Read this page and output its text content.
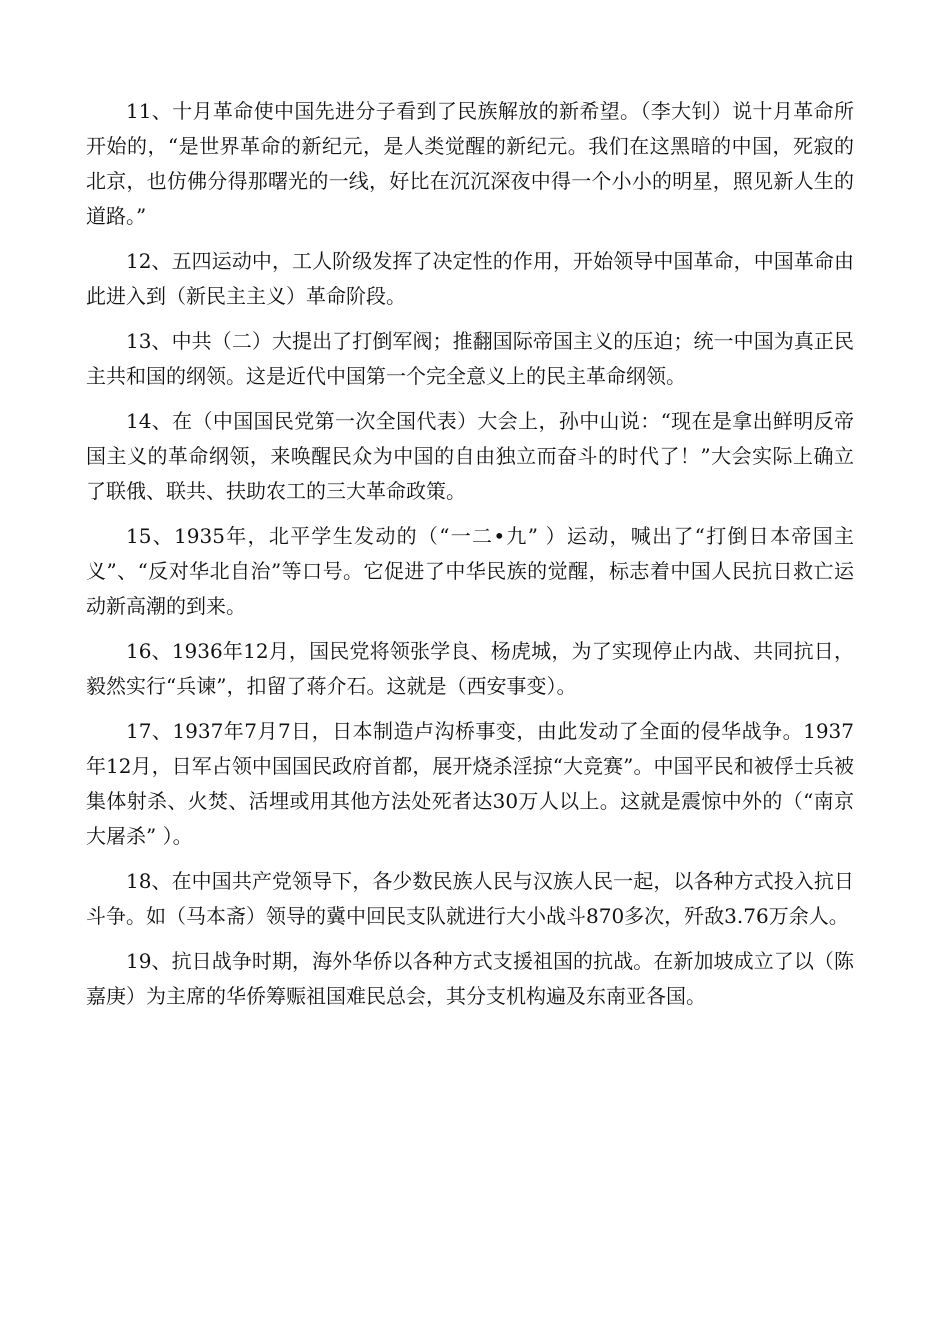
11、十月革命使中国先进分子看到了民族解放的新希望。（李大钊）说十月革命所开始的，“是世界革命的新纪元，是人类觉醒的新纪元。我们在这黑暗的中国，死寂的北京，也仿佛分得那曙光的一线，好比在沉沉深夜中得一个小小的明星，照见新人生的道路。”

12、五四运动中，工人阶级发挥了决定性的作用，开始领导中国革命，中国革命由此进入到（新民主主义）革命阶段。

13、中共（二）大提出了打倒军阀；推翻国际帝国主义的压迫；统一中国为真正民主共和国的纲领。这是近代中国第一个完全意义上的民主革命纲领。

14、在（中国国民党第一次全国代表）大会上，孙中山说：“现在是拿出鲜明反帝国主义的革命纲领，来唤醒民众为中国的自由独立而奋斗的时代了！”大会实际上确立了联俄、联共、扶助农工的三大革命政策。

15、1935年，北平学生发动的（“一二•九” ）运动，喊出了“打倒日本帝国主义”、“反对华北自治”等口号。它促进了中华民族的觉醒，标志着中国人民抗日救亡运动新高潮的到来。

16、1936年12月，国民党将领张学良、杨虎城，为了实现停止内战、共同抗日，毅然实行“兵谏”，扣留了蒋介石。这就是（西安事变）。

17、1937年7月7日，日本制造卢沟桥事变，由此发动了全面的侵华战争。1937年12月，日军占领中国国民政府首都，展开烧杀淫掠“大竞赛”。中国平民和被俘士兵被集体射杀、火焚、活埋或用其他方法处死者达30万人以上。这就是震惊中外的（“南京大屠杀” ）。

18、在中国共产党领导下，各少数民族人民与汉族人民一起，以各种方式投入抗日斗争。如（马本斋）领导的冀中回民支队就进行大小战斗870多次，歼敌3.76万余人。

19、抗日战争时期，海外华侨以各种方式支援祖国的抗战。在新加坡成立了以（陈嘉庚）为主席的华侨筹赈祖国难民总会，其分支机构遍及东南亚各国。
